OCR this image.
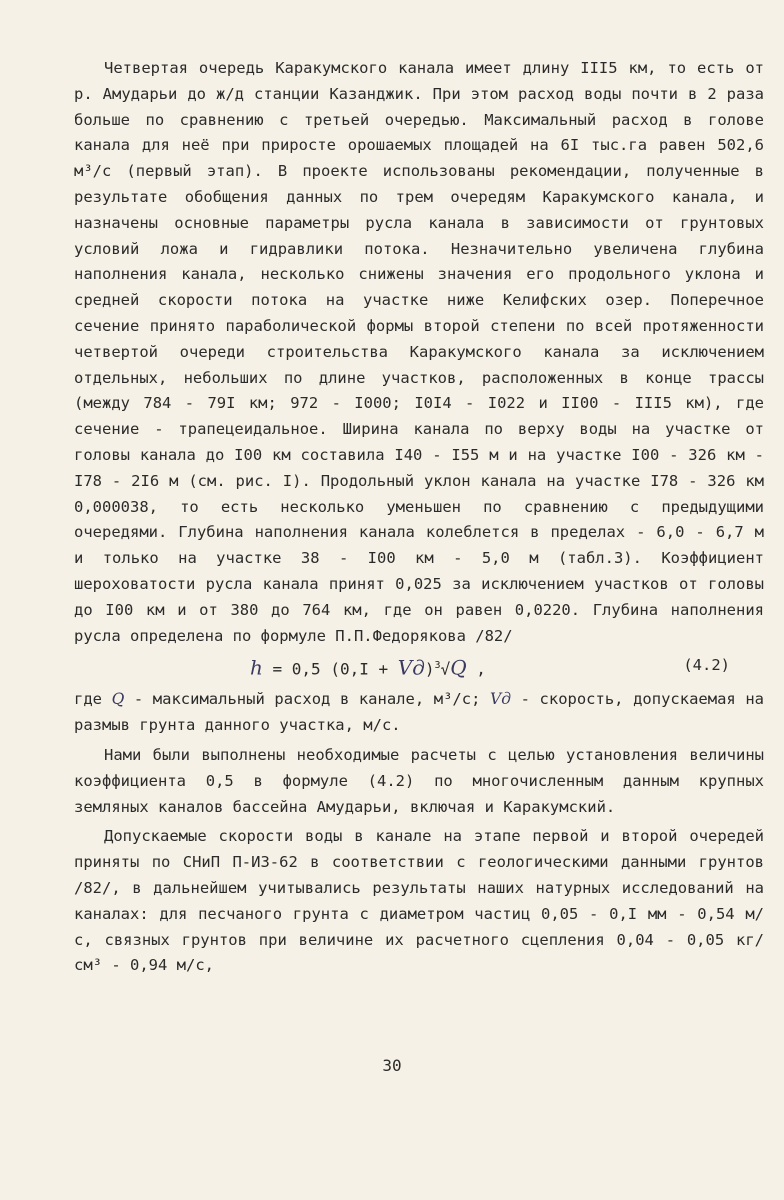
Четвертая очередь Каракумского канала имеет длину III5 км, то есть от р. Амударьи до ж/д станции Казанджик. При этом расход воды почти в 2 раза больше по сравнению с третьей очередью. Максимальный расход в голове канала для неё при приросте орошаемых площадей на 6I тыс.га равен 502,6 м³/с (первый этап). В проекте использованы рекомендации, полученные в результате обобщения данных по трем очередям Каракумского канала, и назначены основные параметры русла канала в зависимости от грунтовых условий ложа и гидравлики потока. Незначительно увеличена глубина наполнения канала, несколько снижены значения его продольного уклона и средней скорости потока на участке ниже Келифских озер. Поперечное сечение принято параболической формы второй степени по всей протяженности четвертой очереди строительства Каракумского канала за исключением отдельных, небольших по длине участков, расположенных в конце трассы (между 784 - 79I км; 972 - I000; I0I4 - I022 и II00 - III5 км), где сечение - трапецеидальное. Ширина канала по верху воды на участке от головы канала до I00 км составила I40 - I55 м и на участке I00 - 326 км - I78 - 2I6 м (см. рис. I). Продольный уклон канала на участке I78 - 326 км 0,000038, то есть несколько уменьшен по сравнению с предыдущими очередями. Глубина наполнения канала колеблется в пределах - 6,0 - 6,7 м и только на участке 38 - I00 км - 5,0 м (табл.3). Коэффициент шероховатости русла канала принят 0,025 за исключением участков от головы до I00 км и от 380 до 764 км, где он равен 0,0220. Глубина наполнения русла определена по формуле П.П.Федорякова /82/

h = 0,5 (0,I + Vд)$^3$√Q ,	(4.2)

где Q - максимальный расход в канале, м³/с; Vд - скорость, допускаемая на размыв грунта данного участка, м/с.

Нами были выполнены необходимые расчеты с целью установления величины коэффициента 0,5 в формуле (4.2) по многочисленным данным крупных земляных каналов бассейна Амударьи, включая и Каракумский.

Допускаемые скорости воды в канале на этапе первой и второй очередей приняты по СНиП П-ИЗ-62 в соответствии с геологическими данными грунтов /82/, в дальнейшем учитывались результаты наших натурных исследований на каналах: для песчаного грунта с диаметром частиц 0,05 - 0,I мм - 0,54 м/с, связных грунтов при величине их расчетного сцепления 0,04 - 0,05 кг/см³ - 0,94 м/с,

30
